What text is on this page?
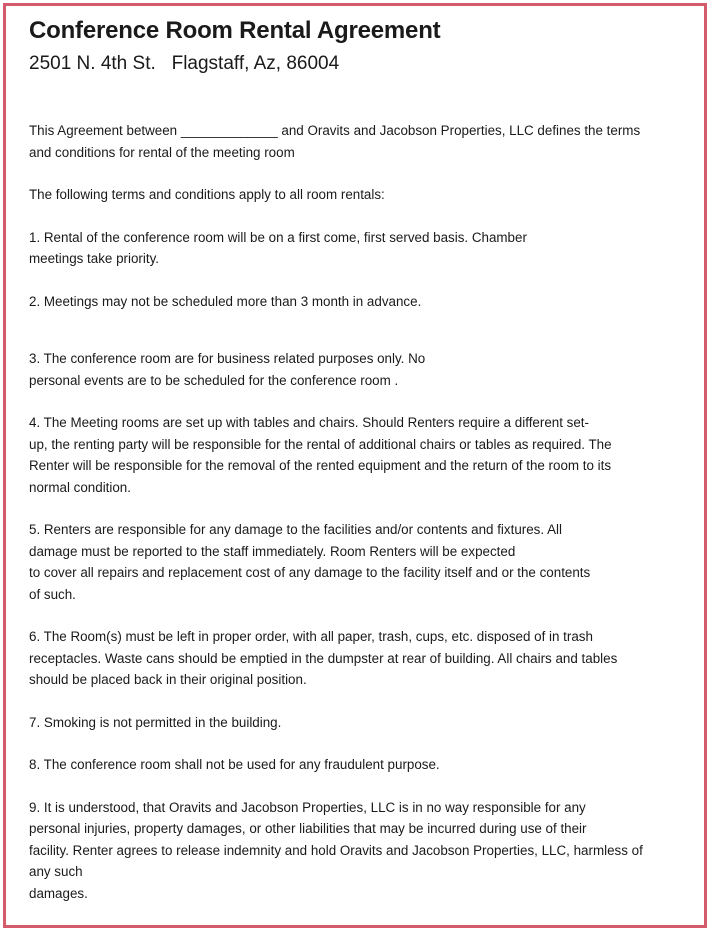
Conference Room Rental Agreement
2501 N. 4th St.   Flagstaff, Az, 86004

This Agreement between _____________ and Oravits and Jacobson Properties, LLC defines the terms
and conditions for rental of the meeting room

The following terms and conditions apply to all room rentals:

1. Rental of the conference room will be on a first come, first served basis. Chamber
meetings take priority.

2. Meetings may not be scheduled more than 3 month in advance.

3. The conference room are for business related purposes only. No
personal events are to be scheduled for the conference room .

4. The Meeting rooms are set up with tables and chairs. Should Renters require a different set-
up, the renting party will be responsible for the rental of additional chairs or tables as required. The
Renter will be responsible for the removal of the rented equipment and the return of the room to its
normal condition.

5. Renters are responsible for any damage to the facilities and/or contents and fixtures. All
damage must be reported to the staff immediately. Room Renters will be expected
to cover all repairs and replacement cost of any damage to the facility itself and or the contents
of such.

6. The Room(s) must be left in proper order, with all paper, trash, cups, etc. disposed of in trash
receptacles. Waste cans should be emptied in the dumpster at rear of building. All chairs and tables
should be placed back in their original position.

7. Smoking is not permitted in the building.

8. The conference room shall not be used for any fraudulent purpose.

9. It is understood, that Oravits and Jacobson Properties, LLC is in no way responsible for any
personal injuries, property damages, or other liabilities that may be incurred during use of their
facility. Renter agrees to release indemnity and hold Oravits and Jacobson Properties, LLC, harmless of
any such
damages.
